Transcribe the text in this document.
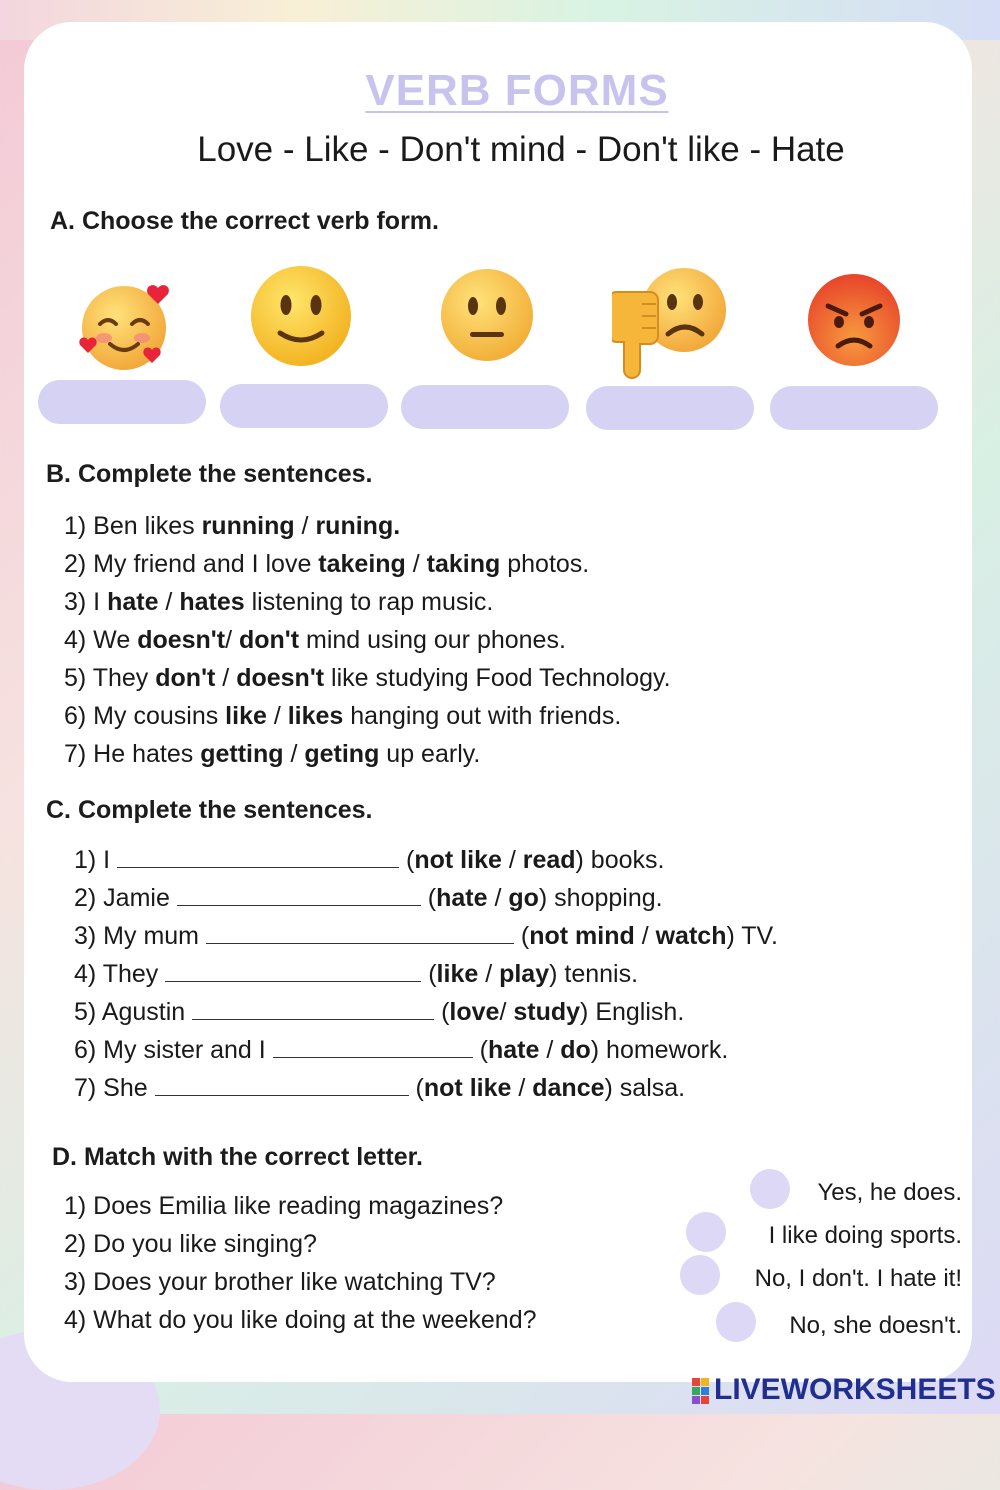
VERB FORMS
Love - Like - Don't mind - Don't like - Hate
A. Choose the correct verb form.
B. Complete the sentences.
1) Ben likes running / runing.
2) My friend and I love takeing / taking photos.
3) I hate / hates listening to rap music.
4) We doesn't/ don't mind using our phones.
5) They don't / doesn't like studying Food Technology.
6) My cousins like / likes hanging out with friends.
7) He hates getting / geting up early.
C. Complete the sentences.
1) I	(not like / read) books.
2) Jamie	(hate / go) shopping.
3) My mum	(not mind / watch) TV.
4) They	(like / play) tennis.
5) Agustin	(love/ study) English.
6) My sister and I	(hate / do) homework.
7) She	(not like / dance) salsa.
D. Match with the correct letter.
1) Does Emilia like reading magazines?
2) Do you like singing?
3) Does your brother like watching TV?
4) What do you like doing at the weekend?
Yes, he does.
I like doing sports.
No, I don't. I hate it!
No, she doesn't.
LIVEWORKSHEETS
